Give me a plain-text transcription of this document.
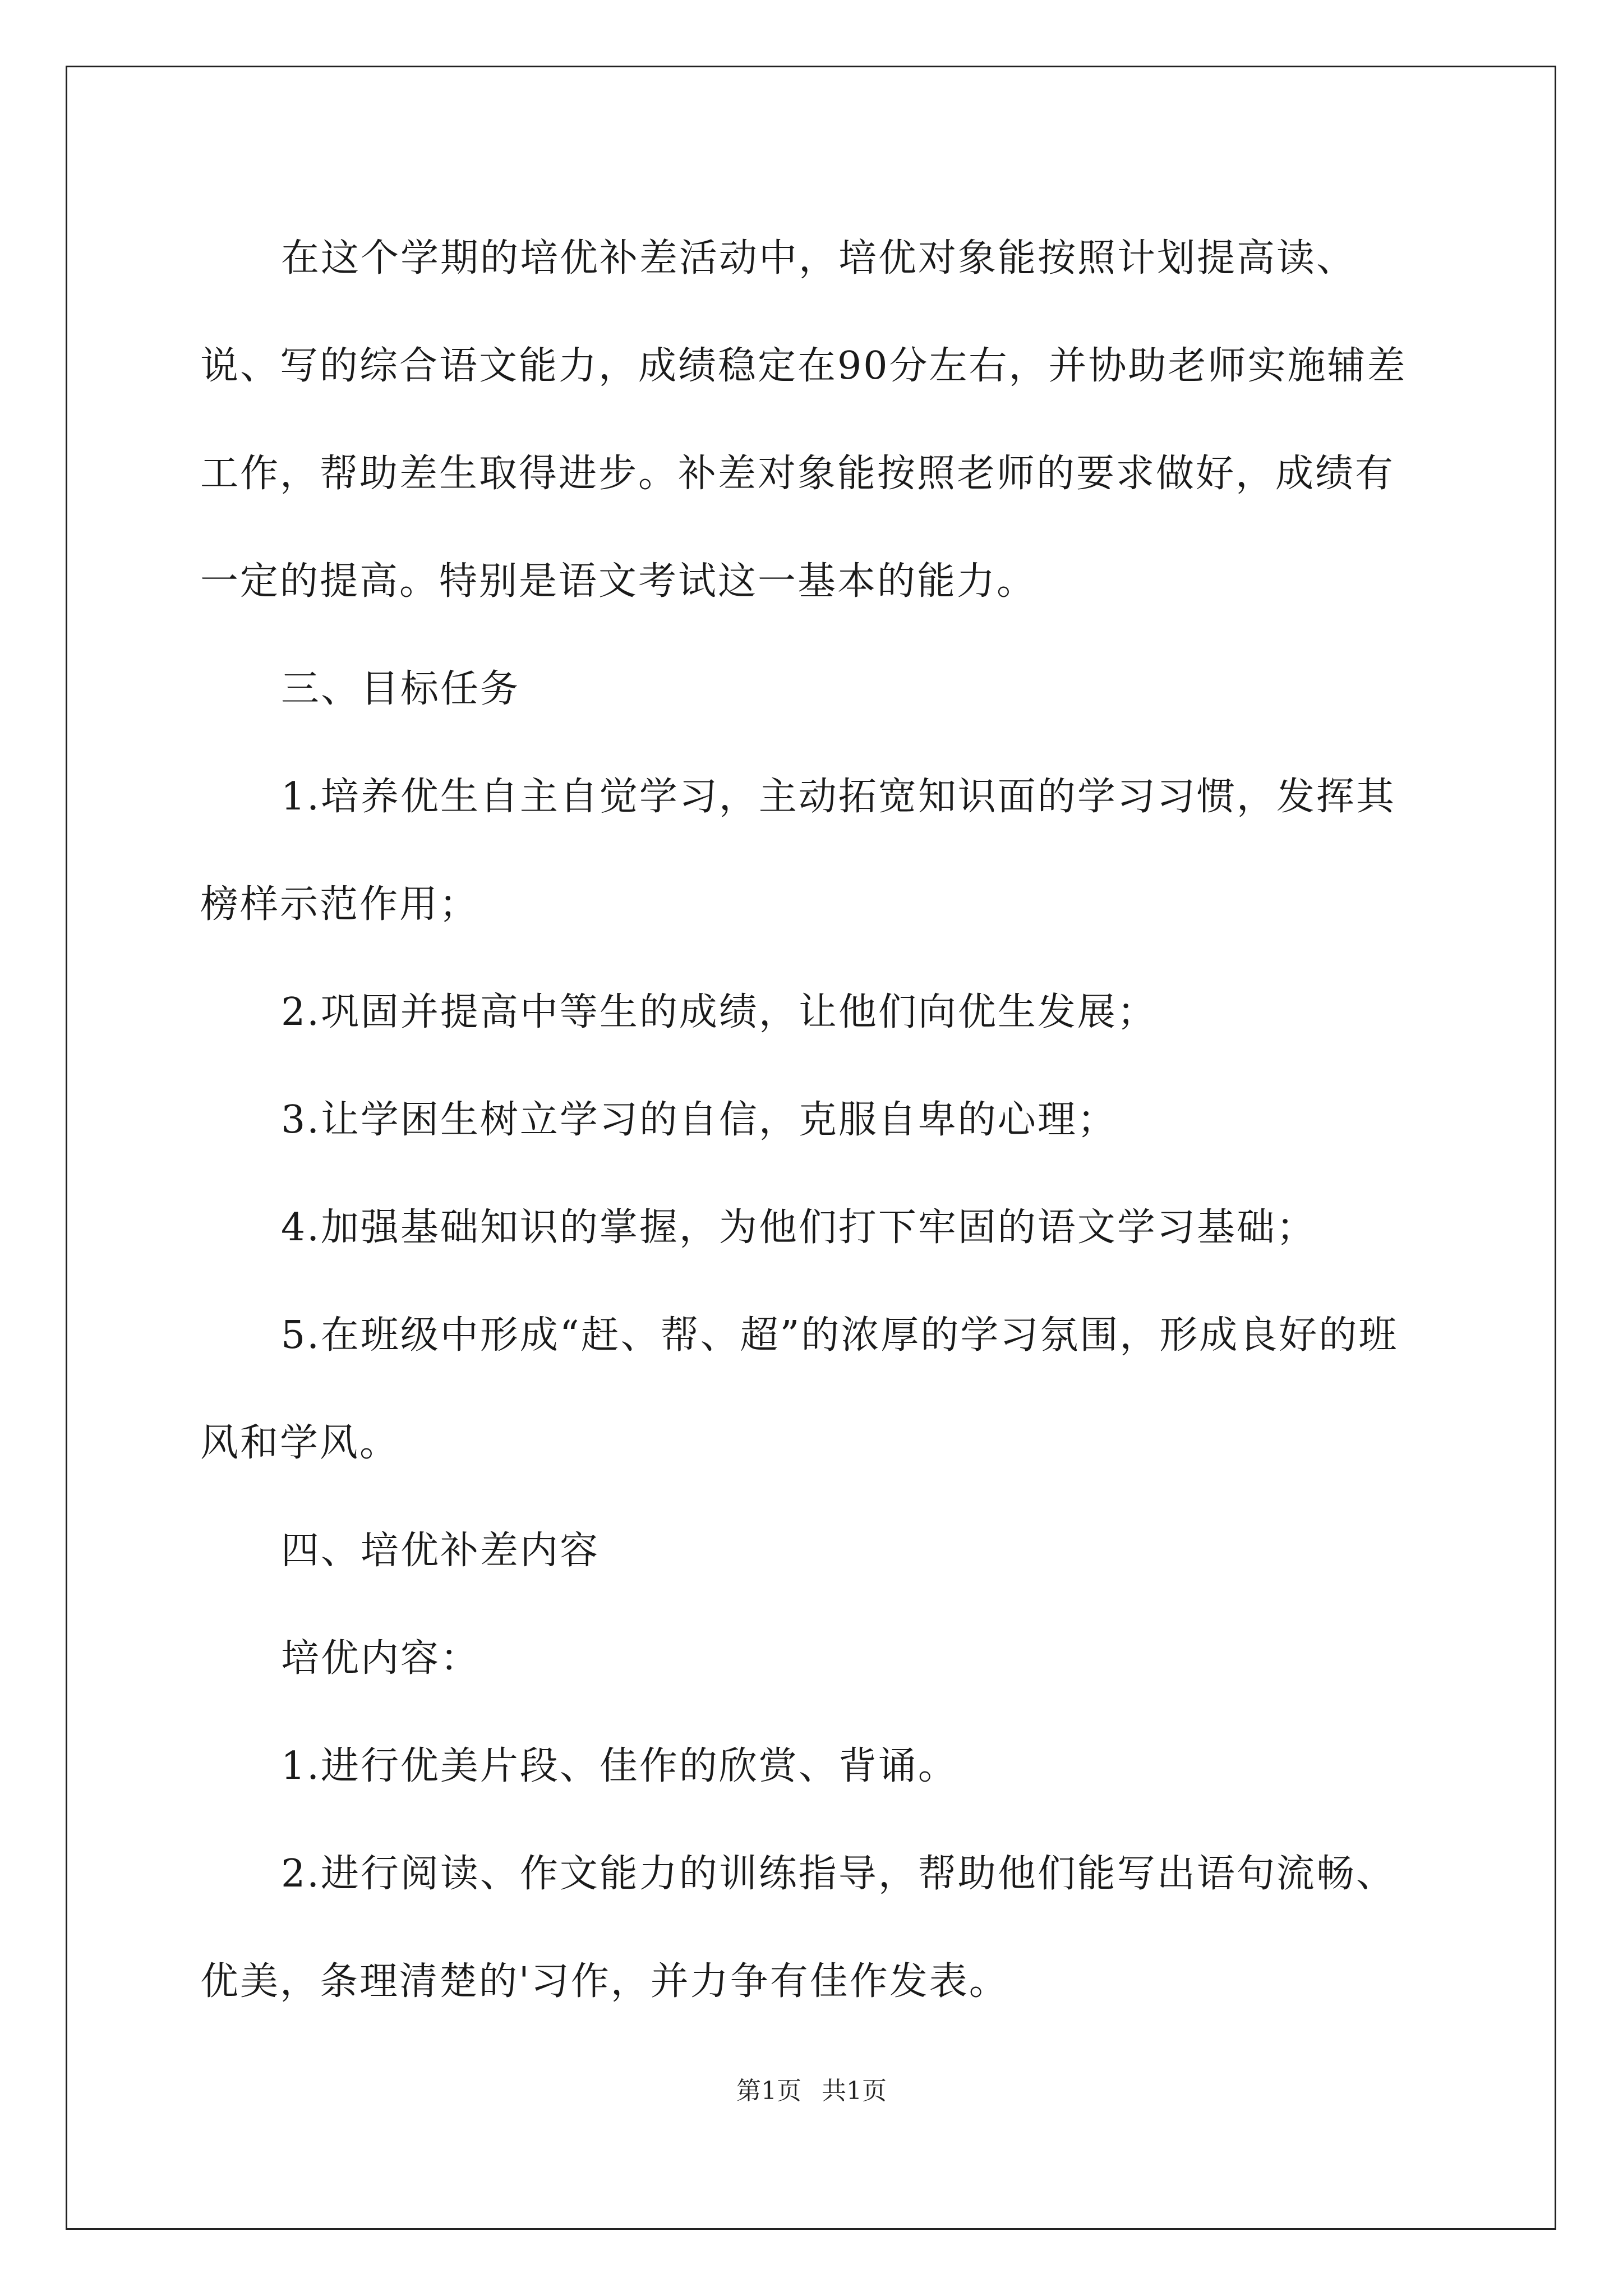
在这个学期的培优补差活动中，培优对象能按照计划提高读、说、写的综合语文能力，成绩稳定在90分左右，并协助老师实施辅差工作，帮助差生取得进步。补差对象能按照老师的要求做好，成绩有一定的提高。特别是语文考试这一基本的能力。

三、目标任务

1.培养优生自主自觉学习，主动拓宽知识面的学习习惯，发挥其榜样示范作用；

2.巩固并提高中等生的成绩，让他们向优生发展；

3.让学困生树立学习的自信，克服自卑的心理；

4.加强基础知识的掌握，为他们打下牢固的语文学习基础；

5.在班级中形成“赶、帮、超”的浓厚的学习氛围，形成良好的班风和学风。

四、培优补差内容

培优内容：

1.进行优美片段、佳作的欣赏、背诵。

2.进行阅读、作文能力的训练指导，帮助他们能写出语句流畅、优美，条理清楚的'习作，并力争有佳作发表。

第1页 共1页
